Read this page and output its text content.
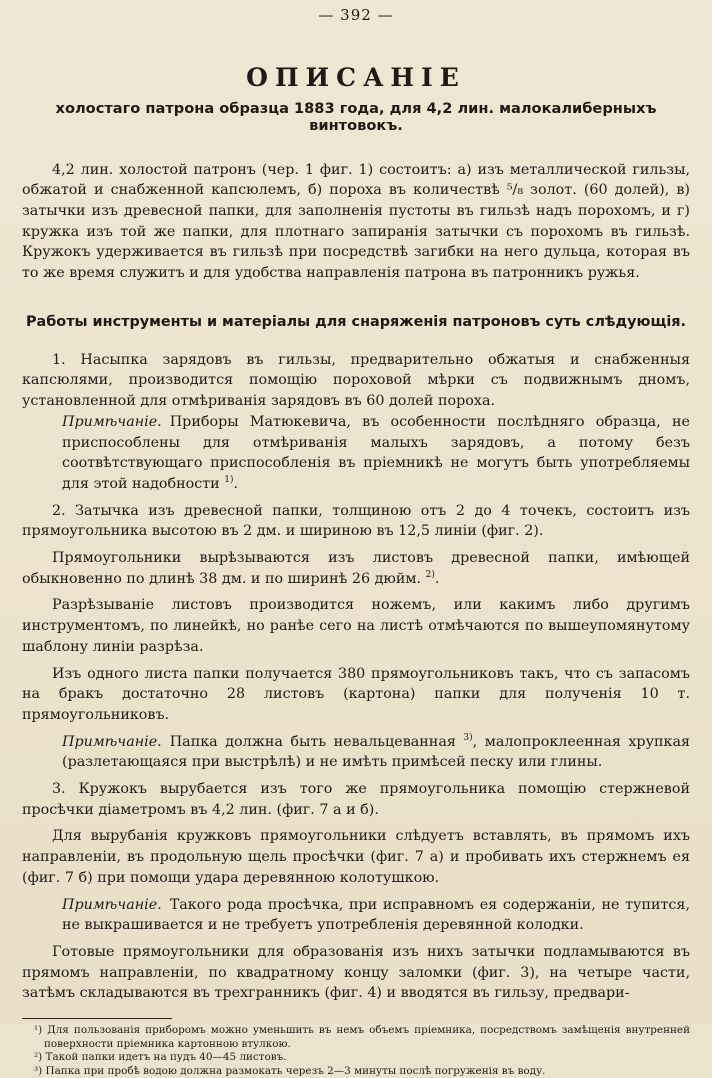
— 392 —
ОПИСАНІЕ
холостаго патрона образца 1883 года, для 4,2 лин. малокалиберныхъ винтовокъ.

4,2 лин. холостой патронъ (чер. 1 фиг. 1) состоитъ: а) изъ металлической гильзы, обжатой и снабженной капсюлемъ, б) пороха въ количествѣ ⁵/₈ золот. (60 долей), в) затычки изъ древесной папки, для заполненія пустоты въ гильзѣ надъ порохомъ, и г) кружка изъ той же папки, для плотнаго запиранія затычки съ порохомъ въ гильзѣ. Кружокъ удерживается въ гильзѣ при посредствѣ загибки на него дульца, которая въ то же время служитъ и для удобства направленія патрона въ патронникъ ружья.

Работы инструменты и матеріалы для снаряженія патроновъ суть слѣдующія.

1. Насыпка зарядовъ въ гильзы, предварительно обжатыя и снабженныя капсюлями, производится помощію пороховой мѣрки съ подвижнымъ дномъ, установленной для отмѣриванія зарядовъ въ 60 долей пороха.

Примѣчаніе. Приборы Матюкевича, въ особенности послѣдняго образца, не приспособлены для отмѣриванія малыхъ зарядовъ, а потому безъ соотвѣтствующаго приспособленія въ пріемникѣ не могутъ быть употребляемы для этой надобности $^{1)}$.

2. Затычка изъ древесной папки, толщиною отъ 2 до 4 точекъ, состоитъ изъ прямоугольника высотою въ 2 дм. и шириною въ 12,5 линіи (фиг. 2).

Прямоугольники вырѣзываются изъ листовъ древесной папки, имѣющей обыкновенно по длинѣ 38 дм. и по ширинѣ 26 дюйм. $^{2)}$.

Разрѣзываніе листовъ производится ножемъ, или какимъ либо другимъ инструментомъ, по линейкѣ, но ранѣе сего на листѣ отмѣчаются по вышеупомянутому шаблону линіи разрѣза.

Изъ одного листа папки получается 380 прямоугольниковъ такъ, что съ запасомъ на бракъ достаточно 28 листовъ (картона) папки для полученія 10 т. прямоугольниковъ.

Примѣчаніе. Папка должна быть невальцеванная $^{3)}$, малопроклеенная хрупкая (разлетающаяся при выстрѣлѣ) и не имѣть примѣсей песку или глины.

3. Кружокъ вырубается изъ того же прямоугольника помощію стержневой просѣчки діаметромъ въ 4,2 лин. (фиг. 7 а и б).

Для вырубанія кружковъ прямоугольники слѣдуетъ вставлять, въ прямомъ ихъ направленіи, въ продольную щель просѣчки (фиг. 7 а) и пробивать ихъ стержнемъ ея (фиг. 7 б) при помощи удара деревянною колотушкою.

Примѣчаніе. Такого рода просѣчка, при исправномъ ея содержаніи, не тупится, не выкрашивается и не требуетъ употребленія деревянной колодки.

Готовые прямоугольники для образованія изъ нихъ затычки подламываются въ прямомъ направленіи, по квадратному концу заломки (фиг. 3), на четыре части, затѣмъ складываются въ трехгранникъ (фиг. 4) и вводятся въ гильзу, предвари-

¹) Для пользованія приборомъ можно уменьшить въ немъ объемъ пріемника, посредствомъ замѣщенія внутренней поверхности пріемника картонною втулкою.
²) Такой папки идетъ на пудъ 40—45 листовъ.
³) Папка при пробѣ водою должна размокать черезъ 2—3 минуты послѣ погруженія въ воду.
